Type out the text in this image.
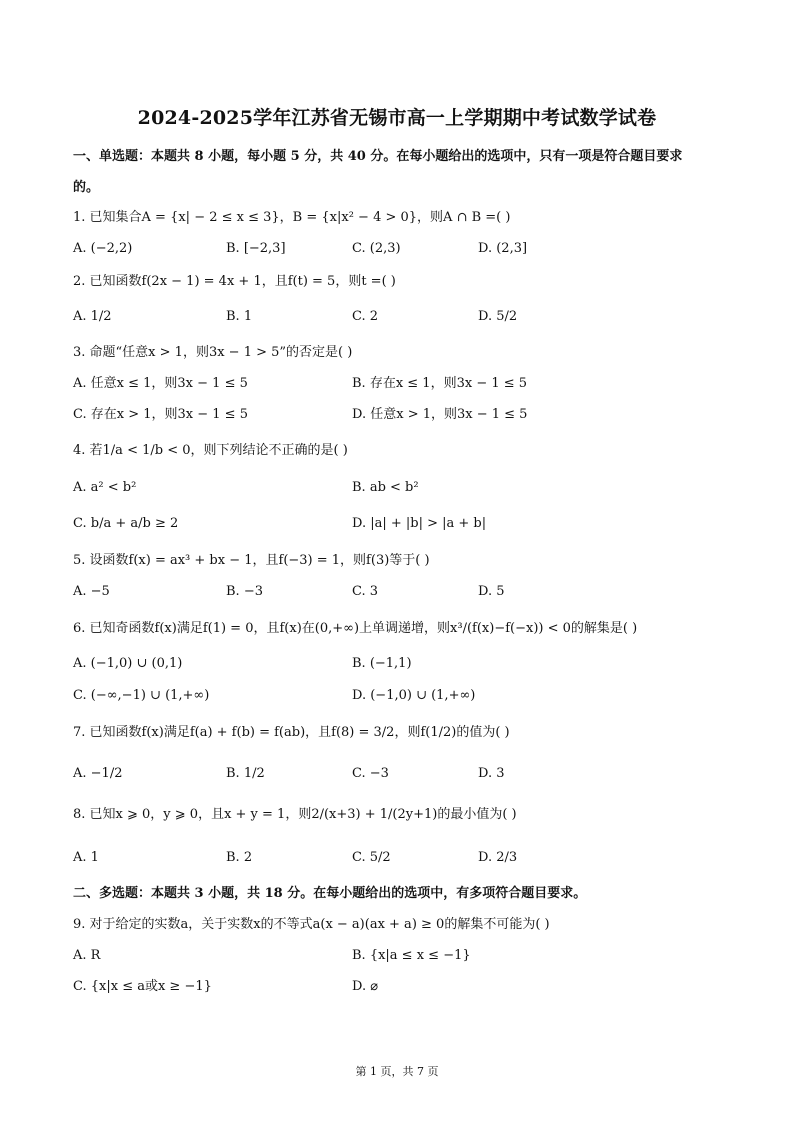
2024-2025学年江苏省无锡市高一上学期期中考试数学试卷
一、单选题：本题共 8 小题，每小题 5 分，共 40 分。在每小题给出的选项中，只有一项是符合题目要求
的。
1. 已知集合A = {x| − 2 ≤ x ≤ 3}，B = {x|x² − 4 > 0}，则A ∩ B =( )
A. (−2,2)	B. [−2,3]	C. (2,3)	D. (2,3]
2. 已知函数f(2x − 1) = 4x + 1，且f(t) = 5，则t =( )
A. 1/2	B. 1	C. 2	D. 5/2
3. 命题“任意x > 1，则3x − 1 > 5”的否定是( )
A. 任意x ≤ 1，则3x − 1 ≤ 5	B. 存在x ≤ 1，则3x − 1 ≤ 5
C. 存在x > 1，则3x − 1 ≤ 5	D. 任意x > 1，则3x − 1 ≤ 5
4. 若1/a < 1/b < 0，则下列结论不正确的是( )
A. a² < b²	B. ab < b²
C. b/a + a/b ≥ 2	D. |a| + |b| > |a + b|
5. 设函数f(x) = ax³ + bx − 1，且f(−3) = 1，则f(3)等于( )
A. −5	B. −3	C. 3	D. 5
6. 已知奇函数f(x)满足f(1) = 0，且f(x)在(0,+∞)上单调递增，则x³/(f(x)−f(−x)) < 0的解集是( )
A. (−1,0) ∪ (0,1)	B. (−1,1)
C. (−∞,−1) ∪ (1,+∞)	D. (−1,0) ∪ (1,+∞)
7. 已知函数f(x)满足f(a) + f(b) = f(ab)，且f(8) = 3/2，则f(1/2)的值为( )
A. −1/2	B. 1/2	C. −3	D. 3
8. 已知x ⩾ 0，y ⩾ 0，且x + y = 1，则2/(x+3) + 1/(2y+1)的最小值为( )
A. 1	B. 2	C. 5/2	D. 2/3
二、多选题：本题共 3 小题，共 18 分。在每小题给出的选项中，有多项符合题目要求。
9. 对于给定的实数a，关于实数x的不等式a(x − a)(ax + a) ≥ 0的解集不可能为( )
A. R	B. {x|a ≤ x ≤ −1}
C. {x|x ≤ a或x ≥ −1}	D. ⌀
第 1 页，共 7 页
